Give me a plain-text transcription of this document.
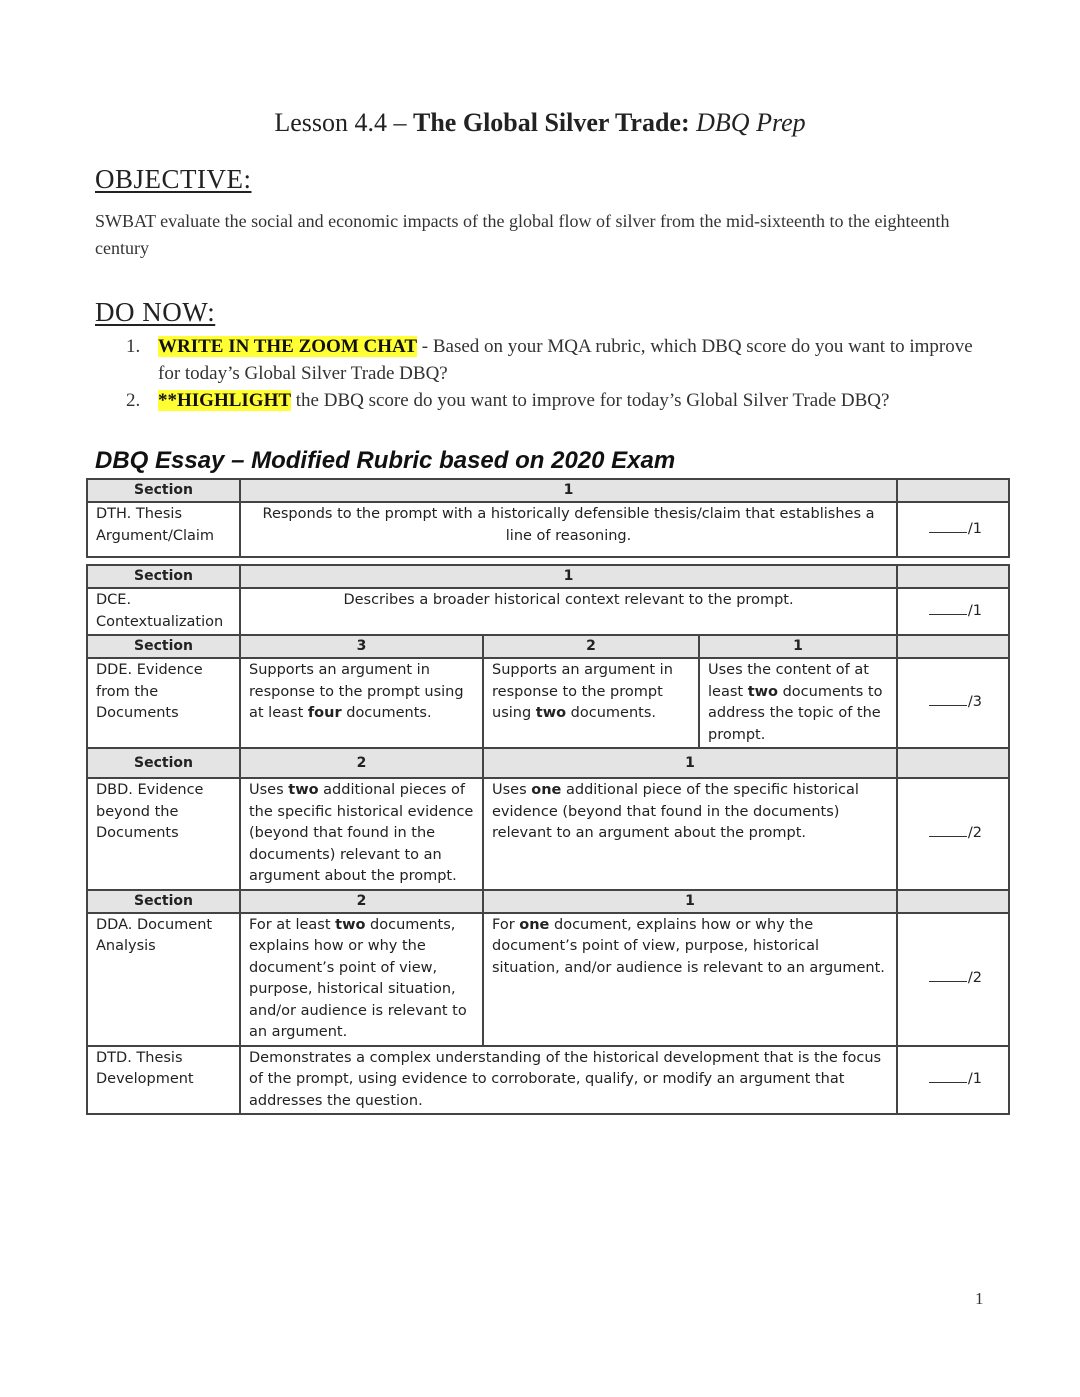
Lesson 4.4 – The Global Silver Trade: DBQ Prep
OBJECTIVE:
SWBAT evaluate the social and economic impacts of the global flow of silver from the mid-sixteenth to the eighteenth century
DO NOW:
1. WRITE IN THE ZOOM CHAT - Based on your MQA rubric, which DBQ score do you want to improve for today’s Global Silver Trade DBQ?
2. **HIGHLIGHT the DBQ score do you want to improve for today’s Global Silver Trade DBQ?
DBQ Essay – Modified Rubric based on 2020 Exam
Section	1			
DTH. Thesis
Argument/Claim	Responds to the prompt with a historically defensible thesis/claim that establishes a line of reasoning.			/1

Section	1			
DCE.
Contextualization	Describes a broader historical context relevant to the prompt.			/1
Section	3	2	1	
DDE. Evidence
from the
Documents	Supports an argument in response to the prompt using at least four documents.	Supports an argument in response to the prompt using two documents.	Uses the content of at least two documents to address the topic of the prompt.	/3
Section	2	1		
DBD. Evidence
beyond the
Documents	Uses two additional pieces of the specific historical evidence (beyond that found in the documents) relevant to an argument about the prompt.	Uses one additional piece of the specific historical evidence (beyond that found in the documents) relevant to an argument about the prompt.		/2
Section	2	1		
DDA. Document
Analysis	For at least two documents, explains how or why the document’s point of view, purpose, historical situation, and/or audience is relevant to an argument.	For one document, explains how or why the document’s point of view, purpose, historical situation, and/or audience is relevant to an argument.		/2
DTD. Thesis
Development	Demonstrates a complex understanding of the historical development that is the focus of the prompt, using evidence to corroborate, qualify, or modify an argument that addresses the question.			/1
1
